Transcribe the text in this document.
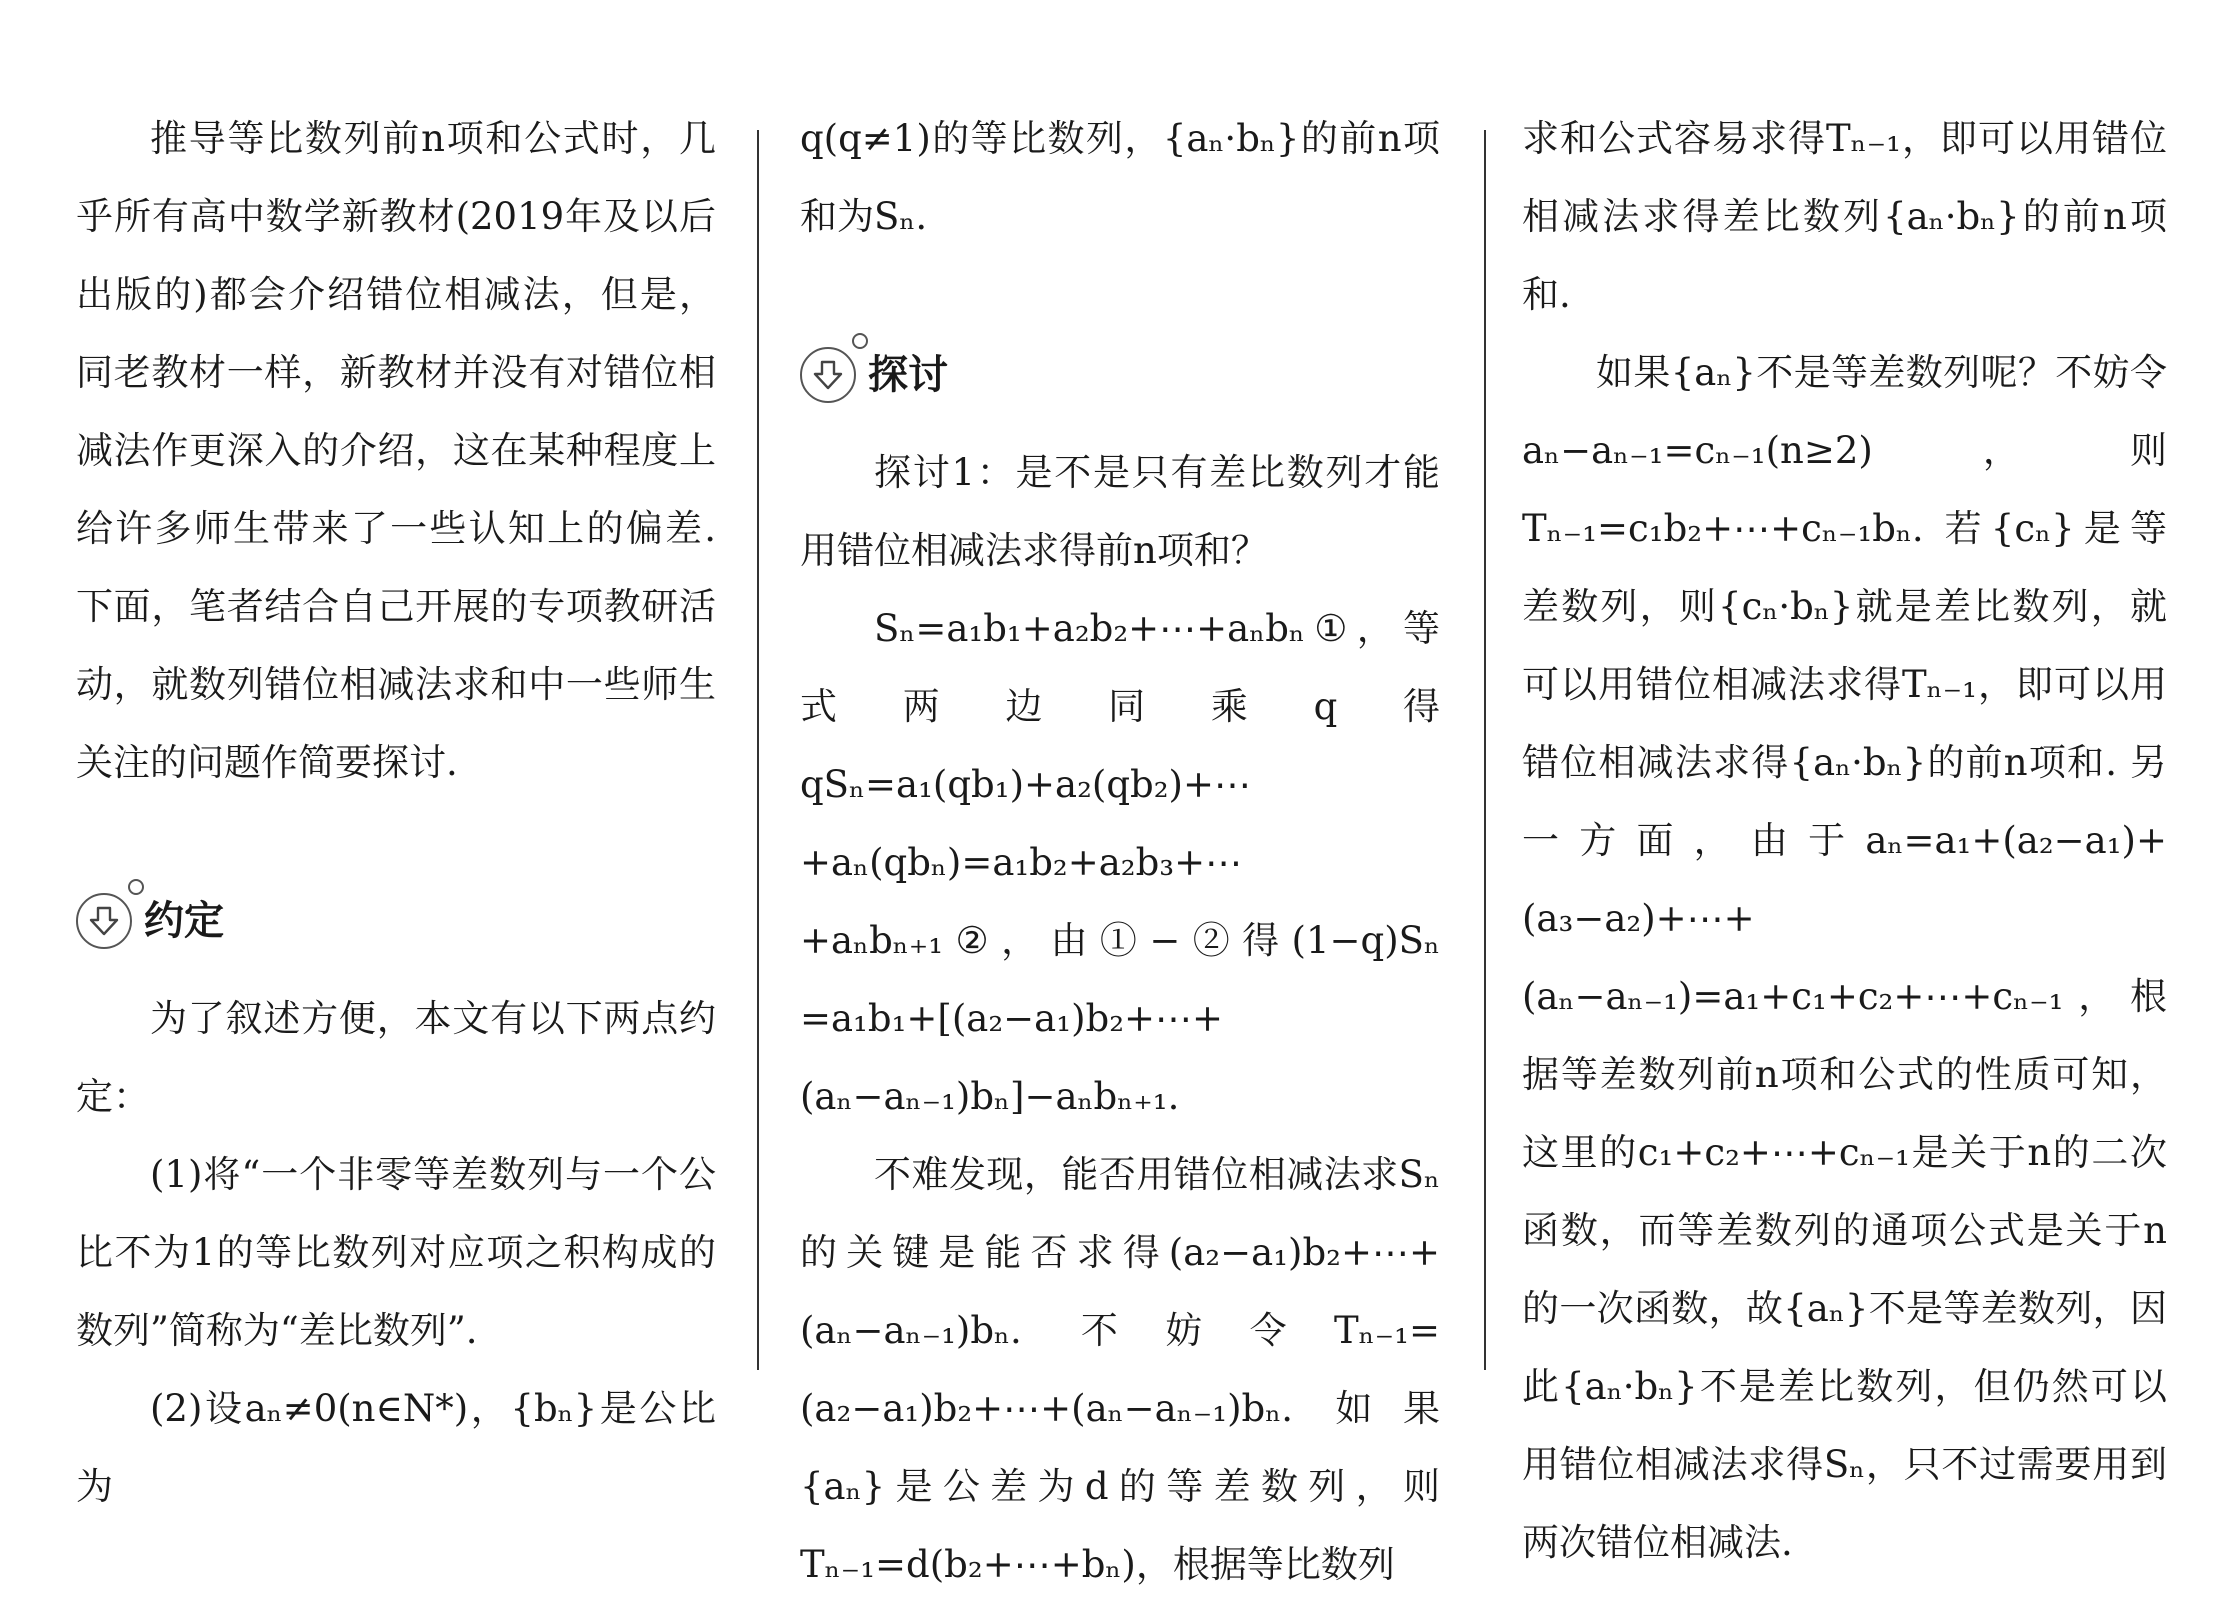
推导等比数列前n项和公式时，几乎所有高中数学新教材(2019年及以后出版的)都会介绍错位相减法，但是，同老教材一样，新教材并没有对错位相减法作更深入的介绍，这在某种程度上给许多师生带来了一些认知上的偏差. 下面，笔者结合自己开展的专项教研活动，就数列错位相减法求和中一些师生关注的问题作简要探讨.

约定

为了叙述方便，本文有以下两点约定：

(1)将“一个非零等差数列与一个公比不为1的等比数列对应项之积构成的数列”简称为“差比数列”.

(2)设aₙ≠0(n∈N*)，{bₙ}是公比为

q(q≠1)的等比数列，{aₙ·bₙ}的前n项和为Sₙ.

探讨

探讨1：是不是只有差比数列才能用错位相减法求得前n项和？

Sₙ=a₁b₁+a₂b₂+⋯+aₙbₙ①，等式两边同乘q得qSₙ=a₁(qb₁)+a₂(qb₂)+⋯+aₙ(qbₙ)=a₁b₂+a₂b₃+⋯+aₙbₙ₊₁②，由①−②得(1−q)Sₙ =a₁b₁+[(a₂−a₁)b₂+⋯+(aₙ−aₙ₋₁)bₙ]−aₙbₙ₊₁.

不难发现，能否用错位相减法求Sₙ的关键是能否求得(a₂−a₁)b₂+⋯+(aₙ−aₙ₋₁)bₙ. 不妨令Tₙ₋₁=(a₂−a₁)b₂+⋯+(aₙ−aₙ₋₁)bₙ. 如果{aₙ}是公差为d的等差数列，则Tₙ₋₁=d(b₂+⋯+bₙ)，根据等比数列

求和公式容易求得Tₙ₋₁，即可以用错位相减法求得差比数列{aₙ·bₙ}的前n项和.

如果{aₙ}不是等差数列呢？不妨令aₙ−aₙ₋₁=cₙ₋₁(n≥2)，则Tₙ₋₁=c₁b₂+⋯+cₙ₋₁bₙ. 若{cₙ}是等差数列，则{cₙ·bₙ}就是差比数列，就可以用错位相减法求得Tₙ₋₁，即可以用错位相减法求得{aₙ·bₙ}的前n项和. 另一方面，由于aₙ=a₁+(a₂−a₁)+(a₃−a₂)+⋯+(aₙ−aₙ₋₁)=a₁+c₁+c₂+⋯+cₙ₋₁，根据等差数列前n项和公式的性质可知，这里的c₁+c₂+⋯+cₙ₋₁是关于n的二次函数，而等差数列的通项公式是关于n的一次函数，故{aₙ}不是等差数列，因此{aₙ·bₙ}不是差比数列，但仍然可以用错位相减法求得Sₙ，只不过需要用到两次错位相减法.
